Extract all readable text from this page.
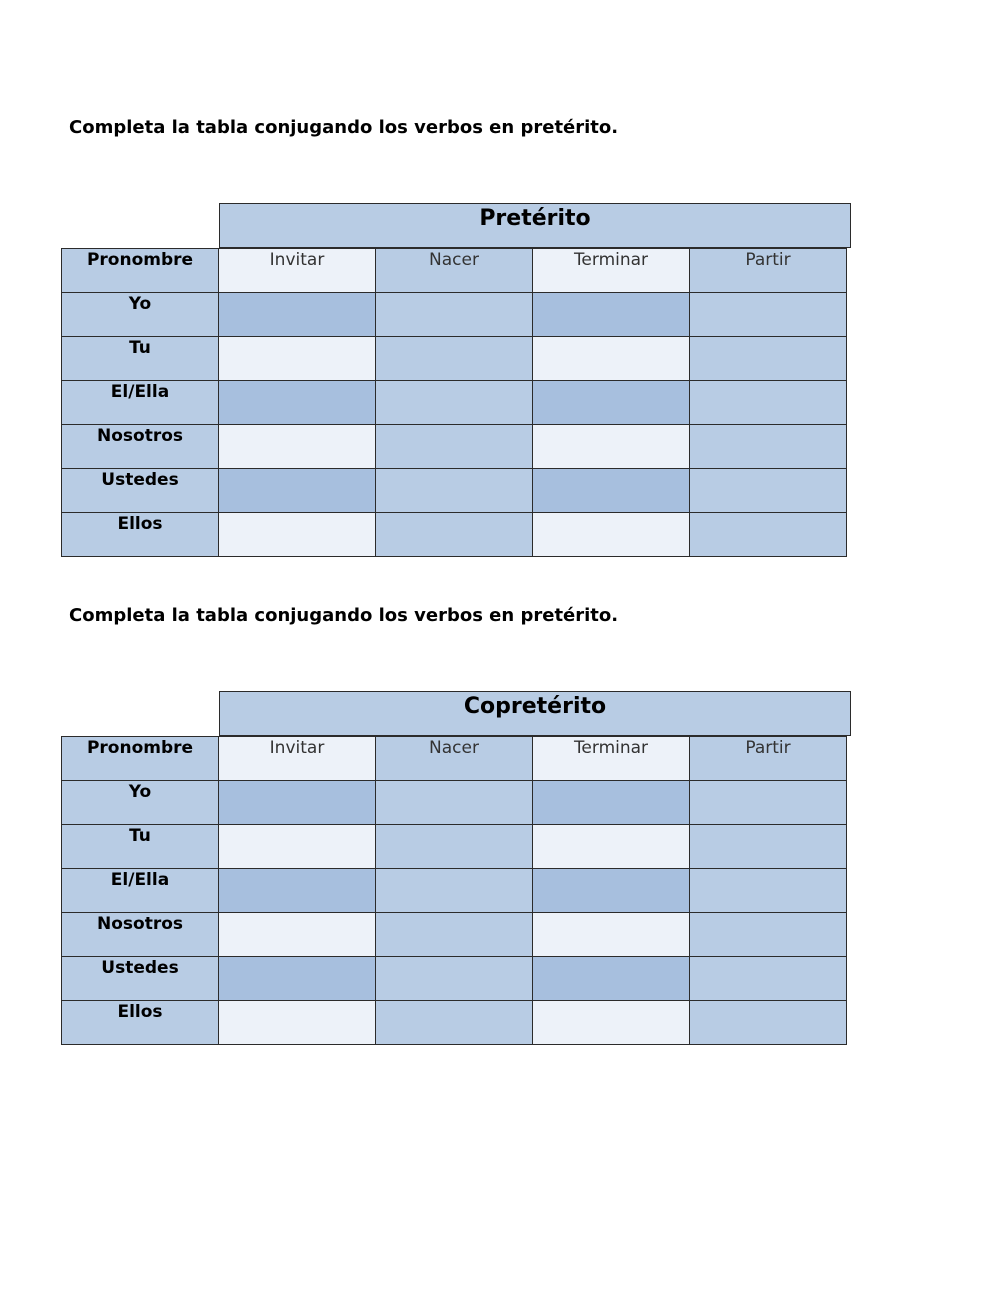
Completa la tabla conjugando los verbos en pretérito.
Pretérito
Pronombre	Invitar	Nacer	Terminar	Partir
Yo				
Tu				
El/Ella				
Nosotros				
Ustedes				
Ellos				
Completa la tabla conjugando los verbos en pretérito.
Copretérito
Pronombre	Invitar	Nacer	Terminar	Partir
Yo				
Tu				
El/Ella				
Nosotros				
Ustedes				
Ellos				
